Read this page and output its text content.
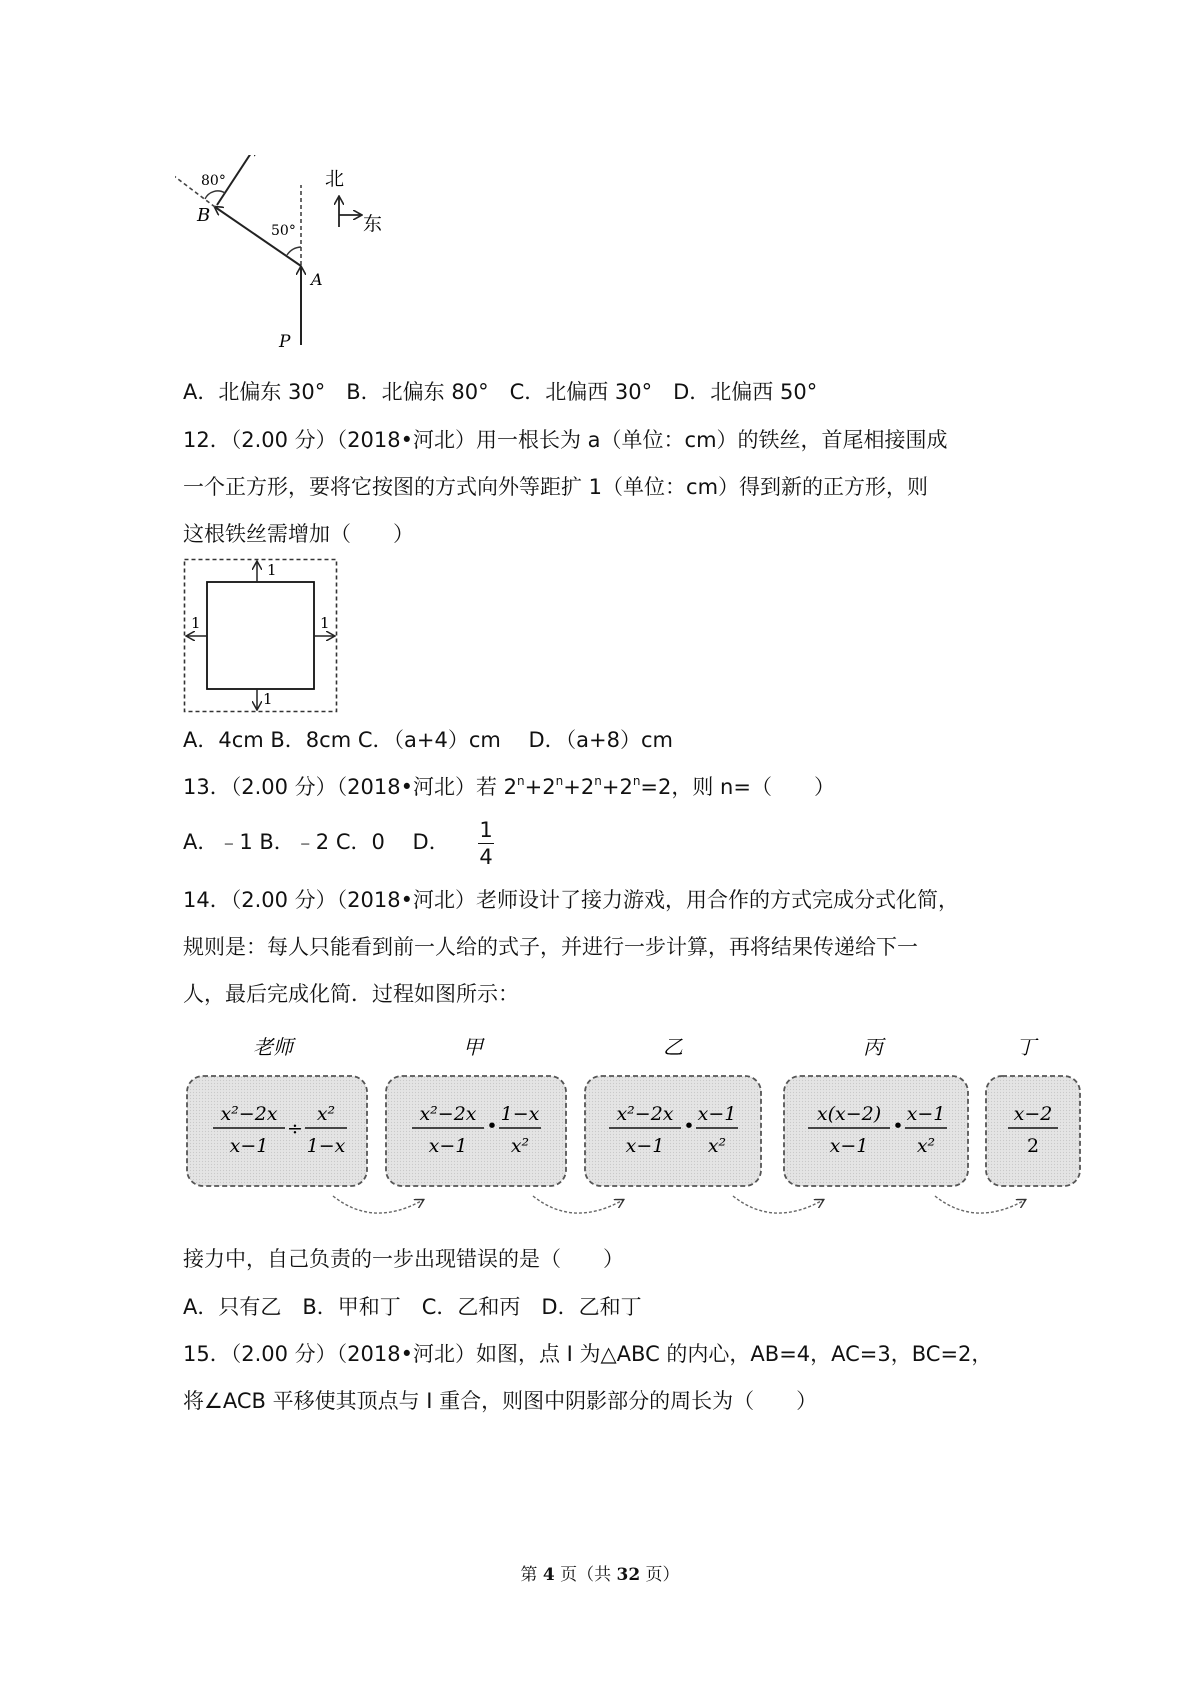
80°
50°
B
A
P
北
东
A．北偏东 30°　B．北偏东 80°　C．北偏西 30°　D．北偏西 50°
12．（2.00 分）（2018•河北）用一根长为 a（单位：cm）的铁丝，首尾相接围成
一个正方形，要将它按图的方式向外等距扩 1（单位：cm）得到新的正方形，则
这根铁丝需增加（　　）
1
1	1
1
A．4cm B．8cm C．（a+4）cm　 D．（a+8）cm
13．（2.00 分）（2018•河北）若 $2^n+2^n+2^n+2^n=2$，则 n=（　　）
A．﹣1 B．﹣2 C．0　 D． $\frac{1}{4}$
14．（2.00 分）（2018•河北）老师设计了接力游戏，用合作的方式完成分式化简，
规则是：每人只能看到前一人给的式子，并进行一步计算，再将结果传递给下一
人，最后完成化简．过程如图所示：
老师	甲	乙	丙	丁
x²−2x
x−1
÷
x²
1−x
x²−2x
x−1
•
1−x
x²
x²−2x
x−1
•
x−1
x²
x(x−2)
x−1
•
x−1
x²
x−2
2
接力中，自己负责的一步出现错误的是（　　）
A．只有乙　B．甲和丁　C．乙和丙　D．乙和丁
15．（2.00 分）（2018•河北）如图，点 I 为△ABC 的内心，AB=4，AC=3，BC=2，
将∠ACB 平移使其顶点与 I 重合，则图中阴影部分的周长为（　　）
第 4 页（共 32 页）
